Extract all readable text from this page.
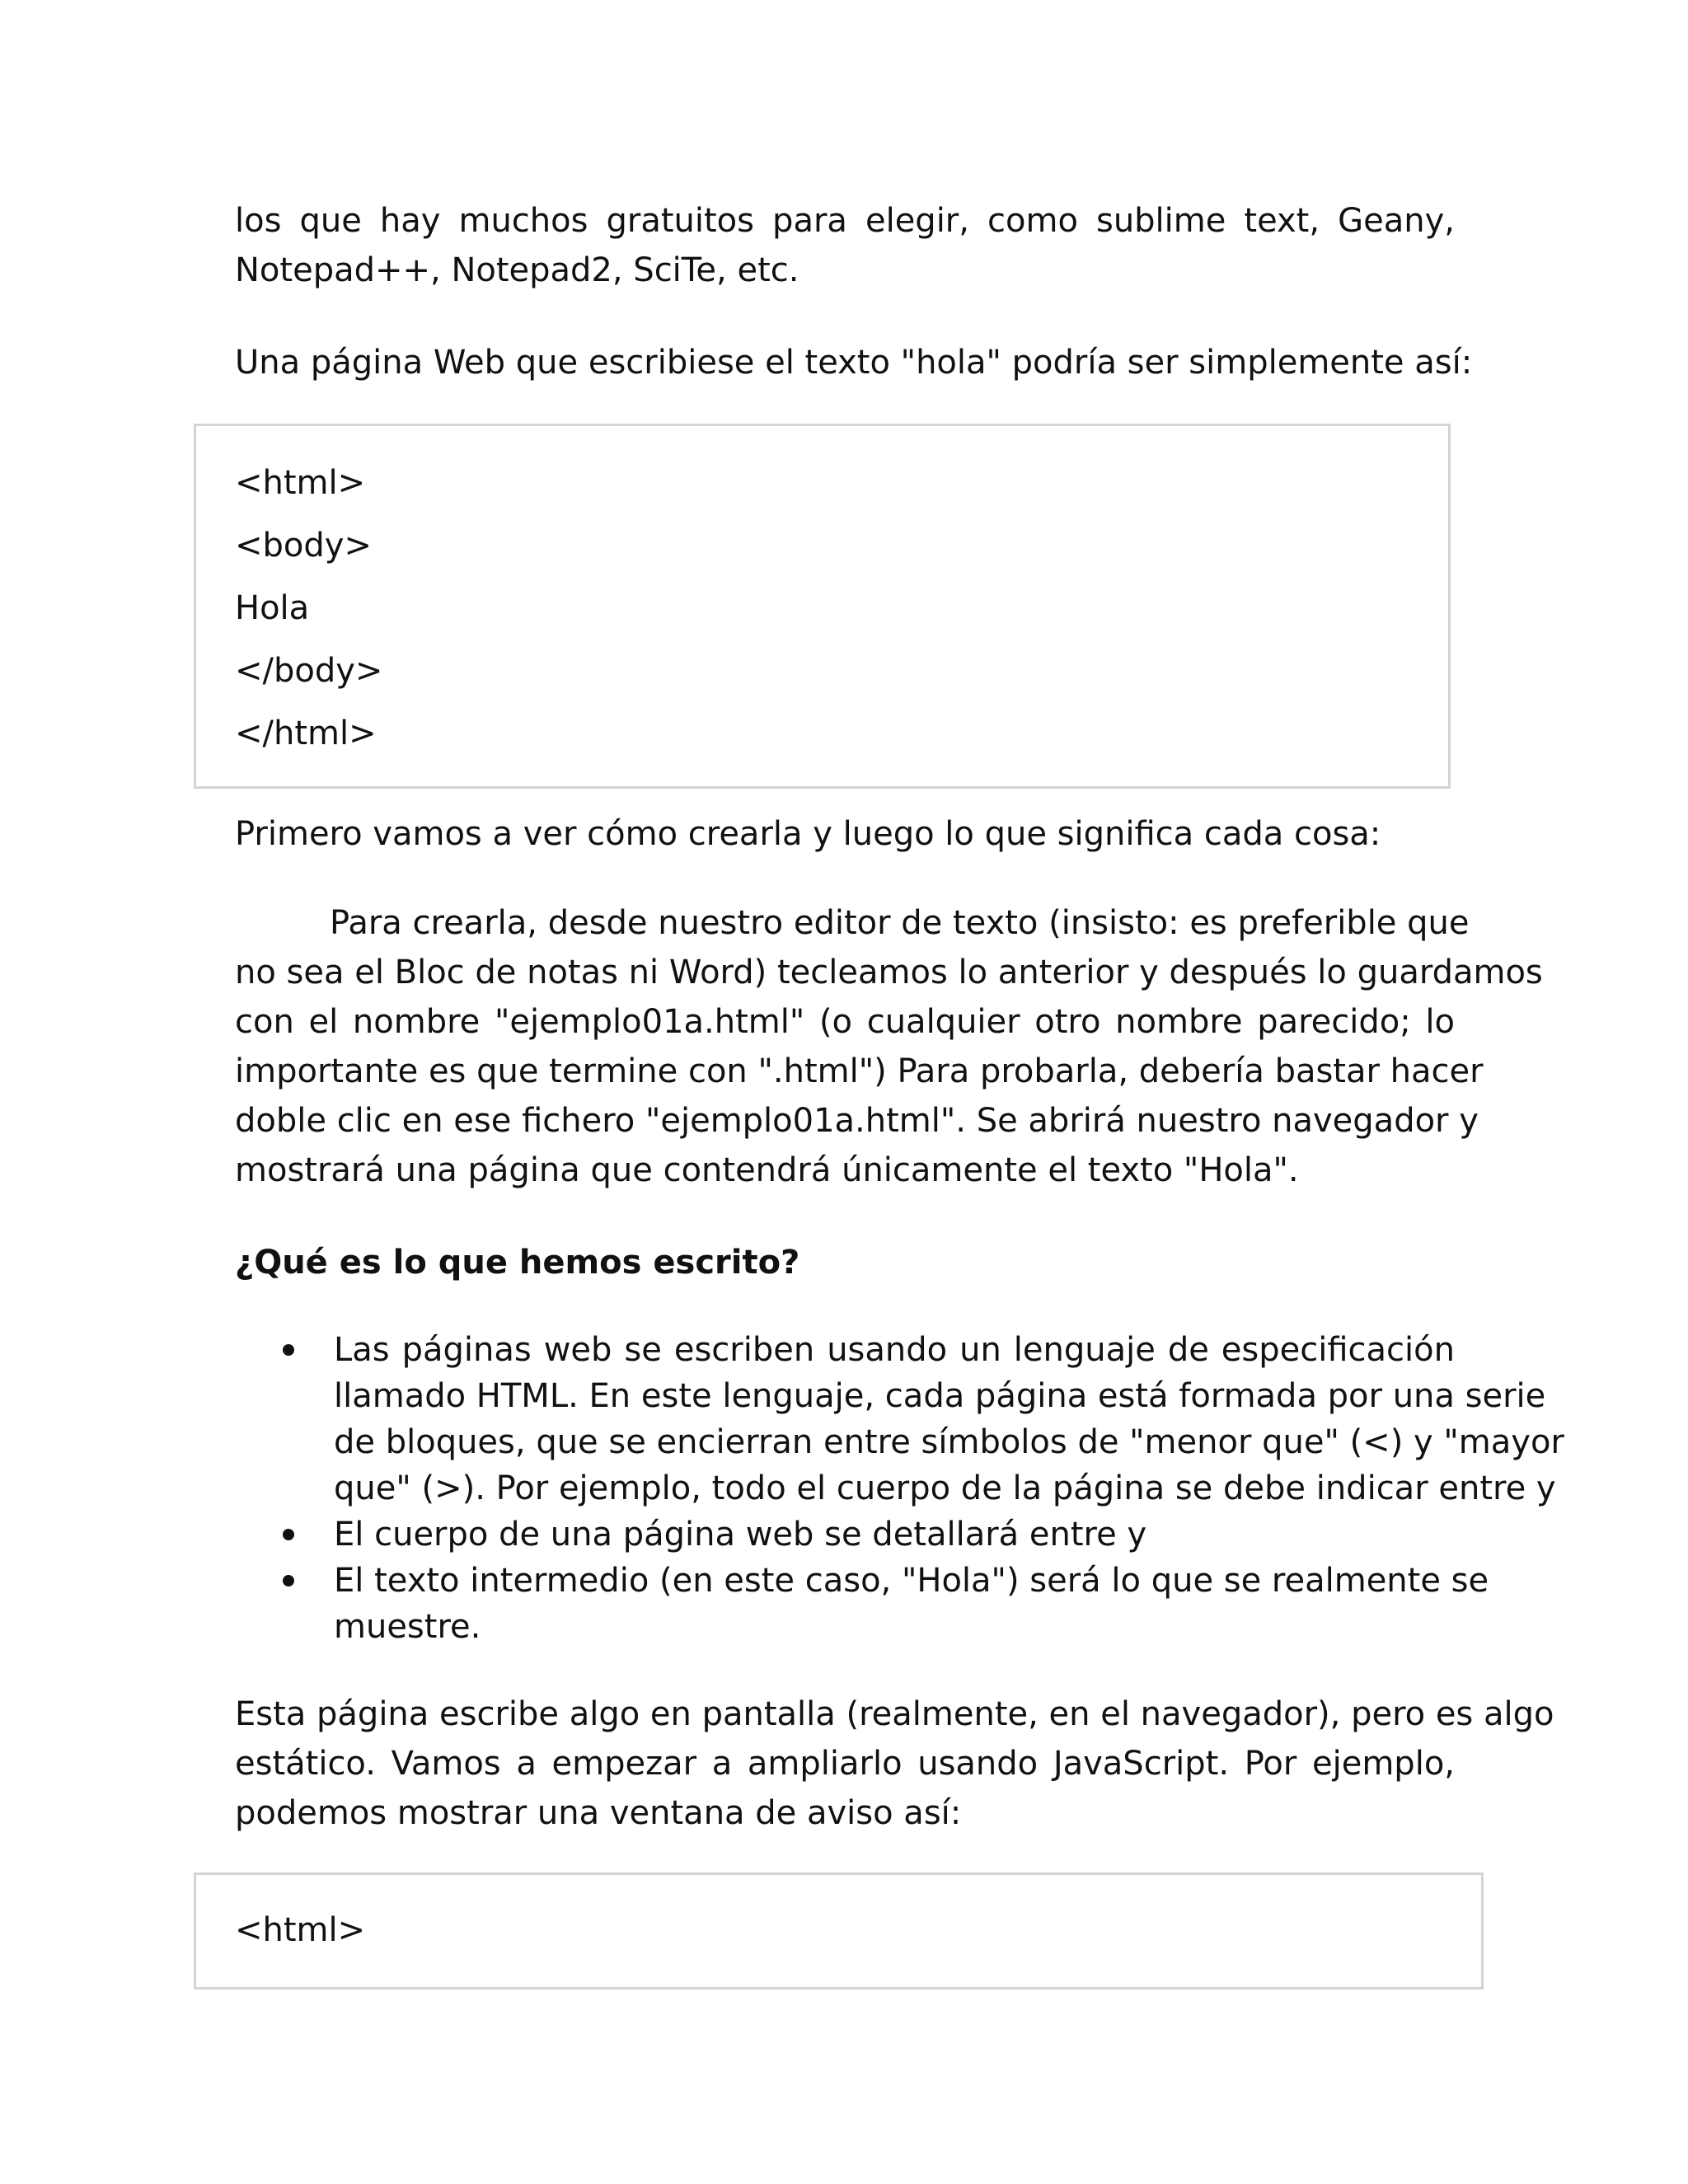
los que hay muchos gratuitos para elegir, como sublime text, Geany,
Notepad++, Notepad2, SciTe, etc.
Una página Web que escribiese el texto "hola" podría ser simplemente así:
<html>
<body>
Hola
</body>
</html>
Primero vamos a ver cómo crearla y luego lo que significa cada cosa:
Para crearla, desde nuestro editor de texto (insisto: es preferible que
no sea el Bloc de notas ni Word) tecleamos lo anterior y después lo guardamos
con el nombre "ejemplo01a.html" (o cualquier otro nombre parecido; lo
importante es que termine con ".html") Para probarla, debería bastar hacer
doble clic en ese fichero "ejemplo01a.html". Se abrirá nuestro navegador y
mostrará una página que contendrá únicamente el texto "Hola".
¿Qué es lo que hemos escrito?
Las páginas web se escriben usando un lenguaje de especificación
llamado HTML. En este lenguaje, cada página está formada por una serie
de bloques, que se encierran entre símbolos de "menor que" (<) y "mayor
que" (>). Por ejemplo, todo el cuerpo de la página se debe indicar entre y
El cuerpo de una página web se detallará entre y
El texto intermedio (en este caso, "Hola") será lo que se realmente se
muestre.
Esta página escribe algo en pantalla (realmente, en el navegador), pero es algo
estático. Vamos a empezar a ampliarlo usando JavaScript. Por ejemplo,
podemos mostrar una ventana de aviso así:
<html>
